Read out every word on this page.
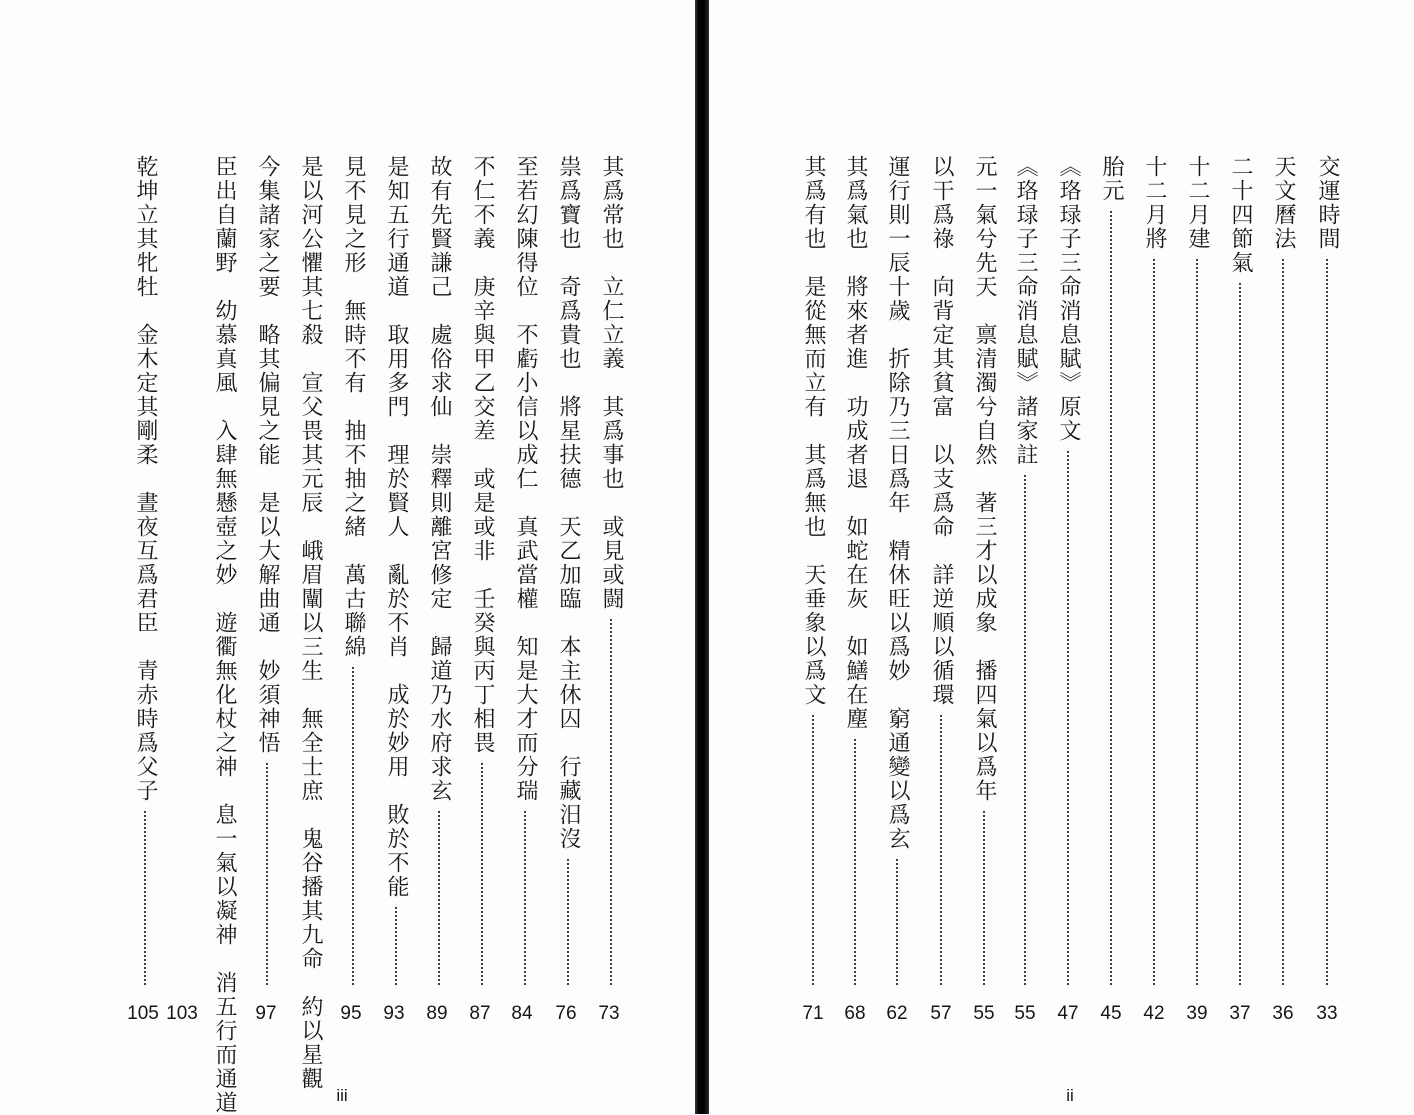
其爲常也　立仁立義　其爲事也　或見或闘
祟爲寶也　奇爲貴也　將星扶德　天乙加臨　本主休囚　行藏汨沒
至若幻陳得位　不虧小信以成仁　真武當權　知是大才而分瑞
不仁不義　庚辛與甲乙交差　或是或非　壬癸與丙丁相畏
故有先賢謙己　處俗求仙　崇釋則離宮修定　歸道乃水府求玄
是知五行通道　取用多門　理於賢人　亂於不肖　成於妙用　敗於不能
見不見之形　無時不有　抽不抽之緒　萬古聯綿
是以河公懼其七殺　宣父畏其元辰　峨眉闡以三生　無全士庶　鬼谷播其九命　約以星觀
今集諸家之要　略其偏見之能　是以大解曲通　妙須神悟
臣出自蘭野　幼慕真風　入肆無懸壺之妙　遊衢無化杖之神　息一氣以凝神　消五行而通道
乾坤立其牝牡　金木定其剛柔　晝夜互爲君臣　青赤時爲父子
73
76
84
87
89
93
95
97
103
105
iii
交運時間
天文曆法
二十四節氣
十二月建
十二月將
胎元
《珞琭子三命消息賦》原文
《珞琭子三命消息賦》諸家註
元一氣兮先天　禀清濁兮自然　著三才以成象　播四氣以爲年
以干爲祿　向背定其貧富　以支爲命　詳逆順以循環
運行則一辰十歲　折除乃三日爲年　精休旺以爲妙　窮通變以爲玄
其爲氣也　將來者進　功成者退　如蛇在灰　如鱔在塵
其爲有也　是從無而立有　其爲無也　天垂象以爲文
33
36
37
39
42
45
47
55
55
57
62
68
71
ii
